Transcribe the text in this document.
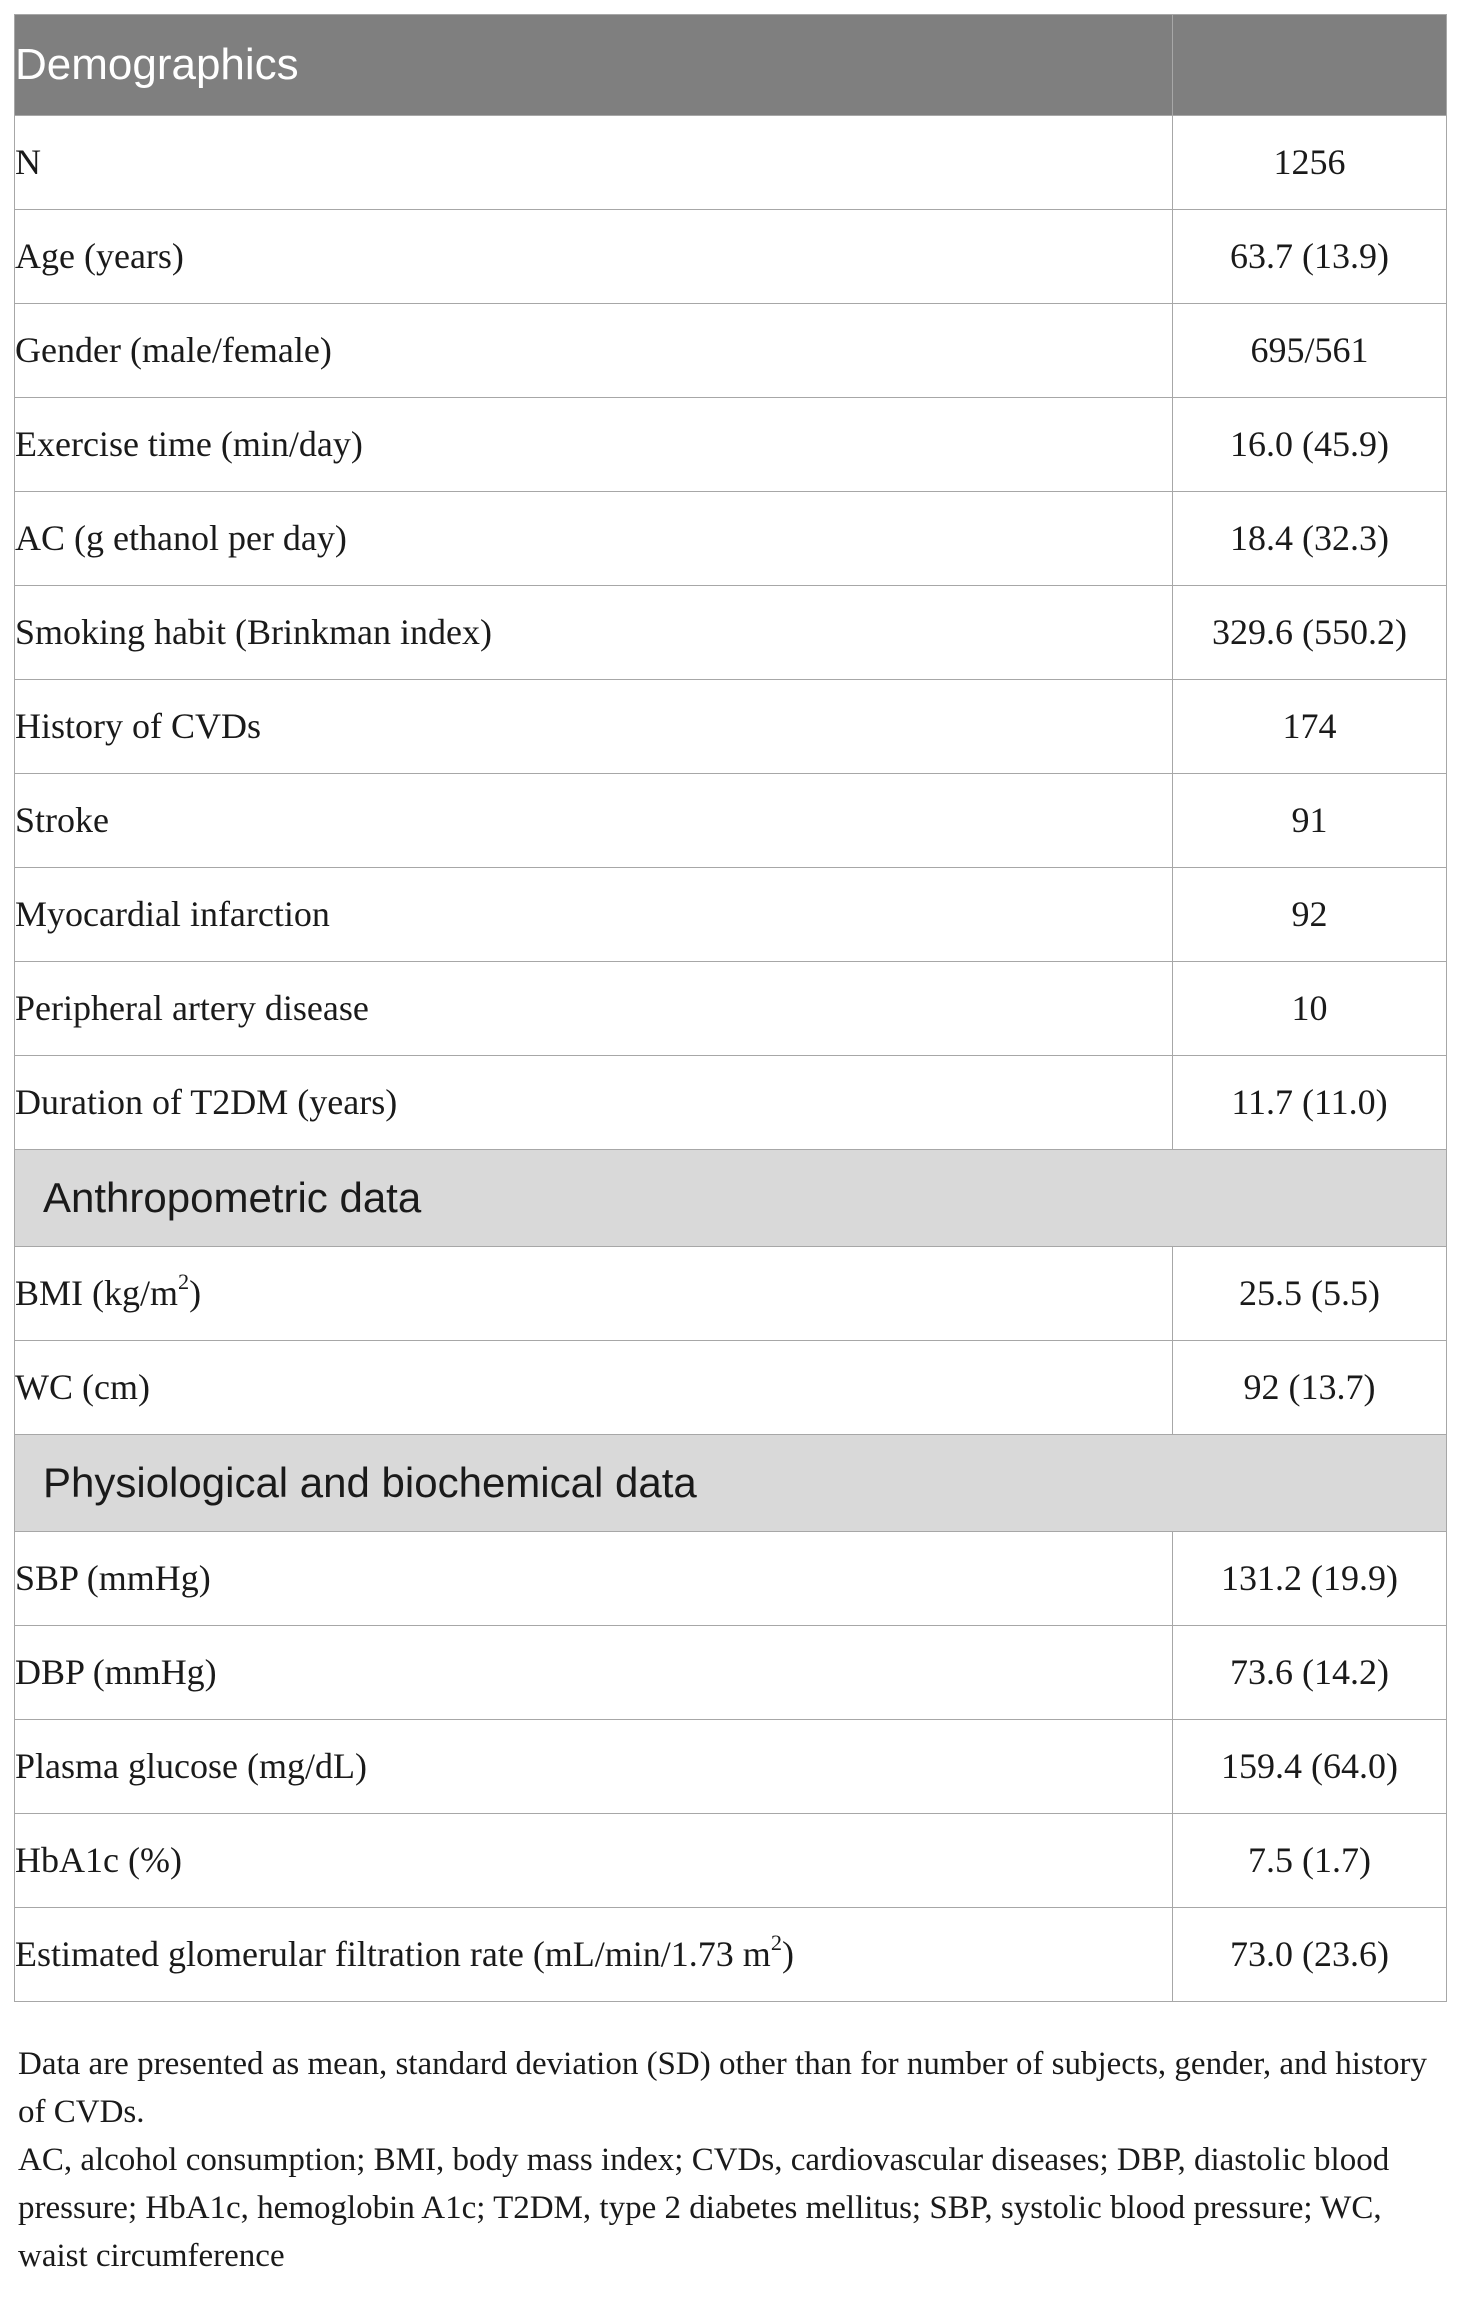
Demographics	
N	1256
Age (years)	63.7 (13.9)
Gender (male/female)	695/561
Exercise time (min/day)	16.0 (45.9)
AC (g ethanol per day)	18.4 (32.3)
Smoking habit (Brinkman index)	329.6 (550.2)
History of CVDs	174
Stroke	91
Myocardial infarction	92
Peripheral artery disease	10
Duration of T2DM (years)	11.7 (11.0)
Anthropometric data	
BMI $(kg/m^2)$	25.5 (5.5)
WC (cm)	92 (13.7)
Physiological and biochemical data	
SBP (mmHg)	131.2 (19.9)
DBP (mmHg)	73.6 (14.2)
Plasma glucose (mg/dL)	159.4 (64.0)
HbA1c (%)	7.5 (1.7)
Estimated glomerular filtration rate (mL/min/1.73 $m^2$)	73.0 (23.6)

Data are presented as mean, standard deviation (SD) other than for number of subjects, gender, and history of CVDs.

AC, alcohol consumption; BMI, body mass index; CVDs, cardiovascular diseases; DBP, diastolic blood pressure; HbA1c, hemoglobin A1c; T2DM, type 2 diabetes mellitus; SBP, systolic blood pressure; WC, waist circumference
